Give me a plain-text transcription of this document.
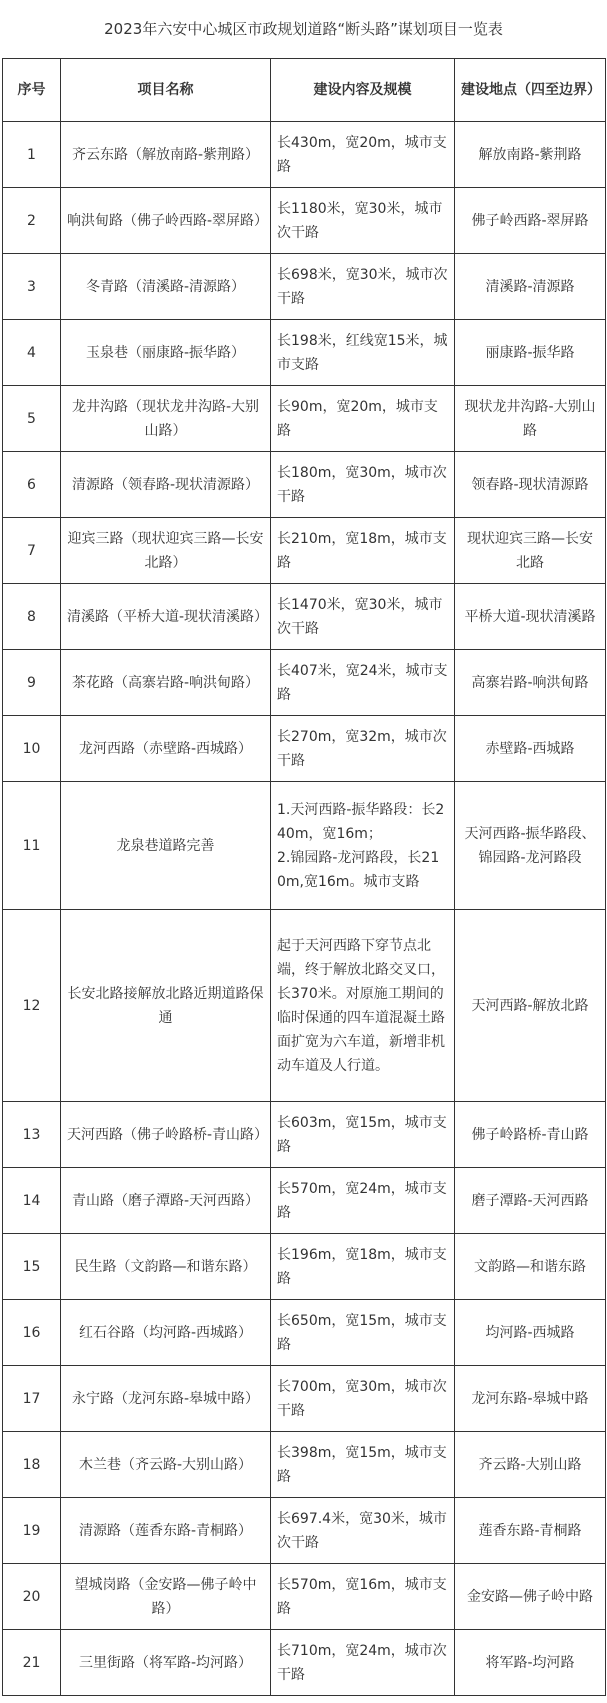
2023年六安中心城区市政规划道路“断头路”谋划项目一览表
序号	项目名称	建设内容及规模	建设地点（四至边界）
1	齐云东路（解放南路-紫荆路）	长430m，宽20m，城市支路	解放南路-紫荆路
2	响洪甸路（佛子岭西路-翠屏路）	长1180米，宽30米，城市次干路	佛子岭西路-翠屏路
3	冬青路（清溪路-清源路）	长698米，宽30米，城市次干路	清溪路-清源路
4	玉泉巷（丽康路-振华路）	长198米，红线宽15米，城市支路	丽康路-振华路
5	龙井沟路（现状龙井沟路-大别山路）	长90m，宽20m，城市支路	现状龙井沟路-大别山路
6	清源路（领春路-现状清源路）	长180m，宽30m，城市次干路	领春路-现状清源路
7	迎宾三路（现状迎宾三路—长安北路）	长210m，宽18m，城市支路	现状迎宾三路—长安北路
8	清溪路（平桥大道-现状清溪路）	长1470米，宽30米，城市次干路	平桥大道-现状清溪路
9	茶花路（高寨岩路-响洪甸路）	长407米，宽24米，城市支路	高寨岩路-响洪甸路
10	龙河西路（赤壁路-西城路）	长270m，宽32m，城市次干路	赤壁路-西城路
11	龙泉巷道路完善	1.天河西路-振华路段：长240m，宽16m；
2.锦园路-龙河路段，长210m,宽16m。城市支路	天河西路-振华路段、锦园路-龙河路段
12	长安北路接解放北路近期道路保通	起于天河西路下穿节点北端，终于解放北路交叉口，长370米。对原施工期间的临时保通的四车道混凝土路面扩宽为六车道，新增非机动车道及人行道。	天河西路-解放北路
13	天河西路（佛子岭路桥-青山路）	长603m，宽15m，城市支路	佛子岭路桥-青山路
14	青山路（磨子潭路-天河西路）	长570m，宽24m，城市支路	磨子潭路-天河西路
15	民生路（文韵路—和谐东路）	长196m，宽18m，城市支路	文韵路—和谐东路
16	红石谷路（均河路-西城路）	长650m，宽15m，城市支路	均河路-西城路
17	永宁路（龙河东路-皋城中路）	长700m，宽30m，城市次干路	龙河东路-皋城中路
18	木兰巷（齐云路-大别山路）	长398m，宽15m，城市支路	齐云路-大别山路
19	清源路（莲香东路-青桐路）	长697.4米，宽30米，城市次干路	莲香东路-青桐路
20	望城岗路（金安路—佛子岭中路）	长570m，宽16m，城市支路	金安路—佛子岭中路
21	三里街路（将军路-均河路）	长710m，宽24m，城市次干路	将军路-均河路
